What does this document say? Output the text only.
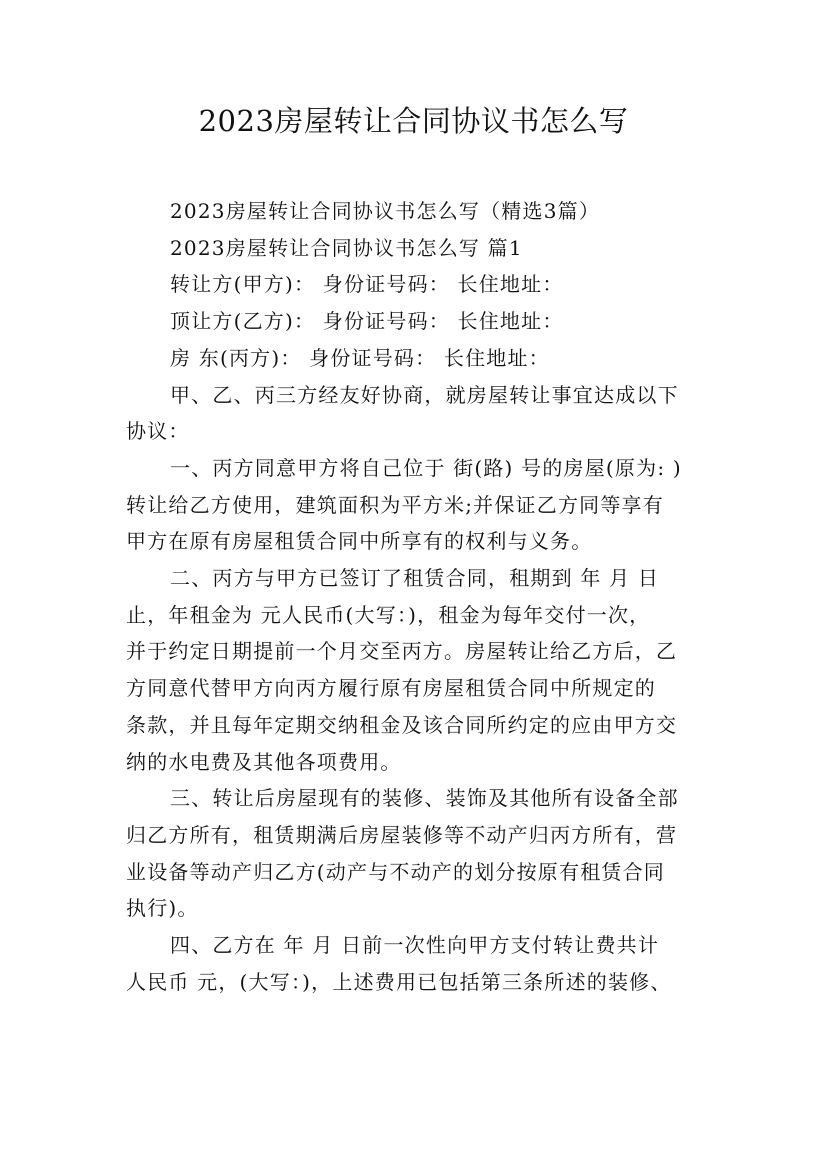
2023房屋转让合同协议书怎么写
2023房屋转让合同协议书怎么写（精选3篇）
2023房屋转让合同协议书怎么写 篇1
转让方(甲方)： 身份证号码： 长住地址：
顶让方(乙方)： 身份证号码： 长住地址：
房 东(丙方)： 身份证号码： 长住地址：
甲、乙、丙三方经友好协商，就房屋转让事宜达成以下
协议：
一、丙方同意甲方将自己位于 街(路) 号的房屋(原为: )
转让给乙方使用，建筑面积为平方米;并保证乙方同等享有
甲方在原有房屋租赁合同中所享有的权利与义务。
二、丙方与甲方已签订了租赁合同，租期到 年 月 日
止，年租金为 元人民币(大写：)，租金为每年交付一次，
并于约定日期提前一个月交至丙方。房屋转让给乙方后，乙
方同意代替甲方向丙方履行原有房屋租赁合同中所规定的
条款，并且每年定期交纳租金及该合同所约定的应由甲方交
纳的水电费及其他各项费用。
三、转让后房屋现有的装修、装饰及其他所有设备全部
归乙方所有，租赁期满后房屋装修等不动产归丙方所有，营
业设备等动产归乙方(动产与不动产的划分按原有租赁合同
执行)。
四、乙方在 年 月 日前一次性向甲方支付转让费共计
人民币 元，(大写：)，上述费用已包括第三条所述的装修、
